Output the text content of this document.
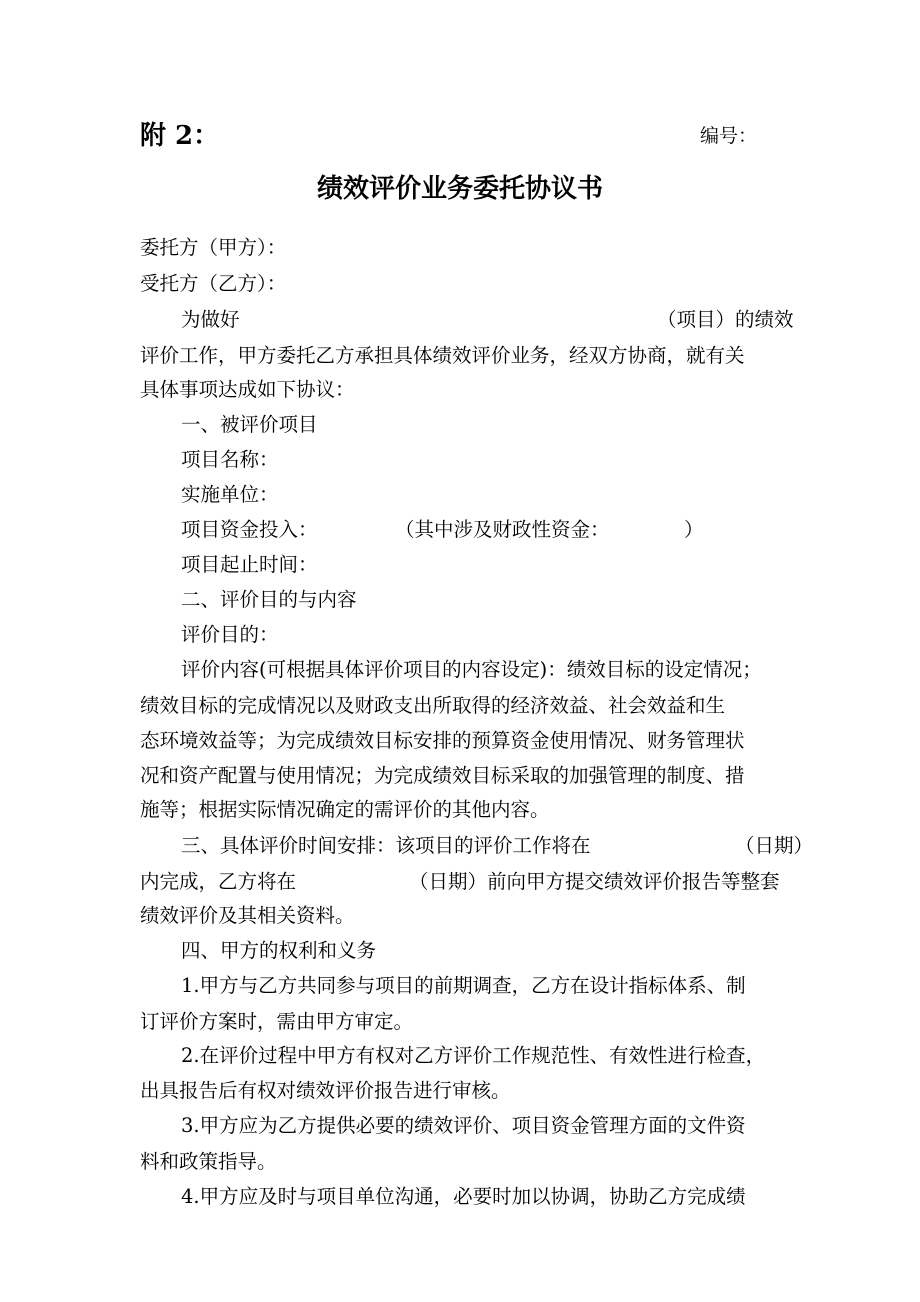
附 2：	编号：
绩效评价业务委托协议书
委托方（甲方）：
受托方（乙方）：
为做好	（项目）的绩效
评价工作，甲方委托乙方承担具体绩效评价业务，经双方协商，就有关
具体事项达成如下协议：
一、被评价项目
项目名称：
实施单位：
项目资金投入：	（其中涉及财政性资金：	）
项目起止时间：
二、评价目的与内容
评价目的：
评价内容(可根据具体评价项目的内容设定)：绩效目标的设定情况；
绩效目标的完成情况以及财政支出所取得的经济效益、社会效益和生
态环境效益等；为完成绩效目标安排的预算资金使用情况、财务管理状
况和资产配置与使用情况；为完成绩效目标采取的加强管理的制度、措
施等；根据实际情况确定的需评价的其他内容。
三、具体评价时间安排：该项目的评价工作将在	（日期）
内完成，乙方将在	（日期）前向甲方提交绩效评价报告等整套
绩效评价及其相关资料。
四、甲方的权利和义务
1.甲方与乙方共同参与项目的前期调查，乙方在设计指标体系、制
订评价方案时，需由甲方审定。
2.在评价过程中甲方有权对乙方评价工作规范性、有效性进行检查，
出具报告后有权对绩效评价报告进行审核。
3.甲方应为乙方提供必要的绩效评价、项目资金管理方面的文件资
料和政策指导。
4.甲方应及时与项目单位沟通，必要时加以协调，协助乙方完成绩
